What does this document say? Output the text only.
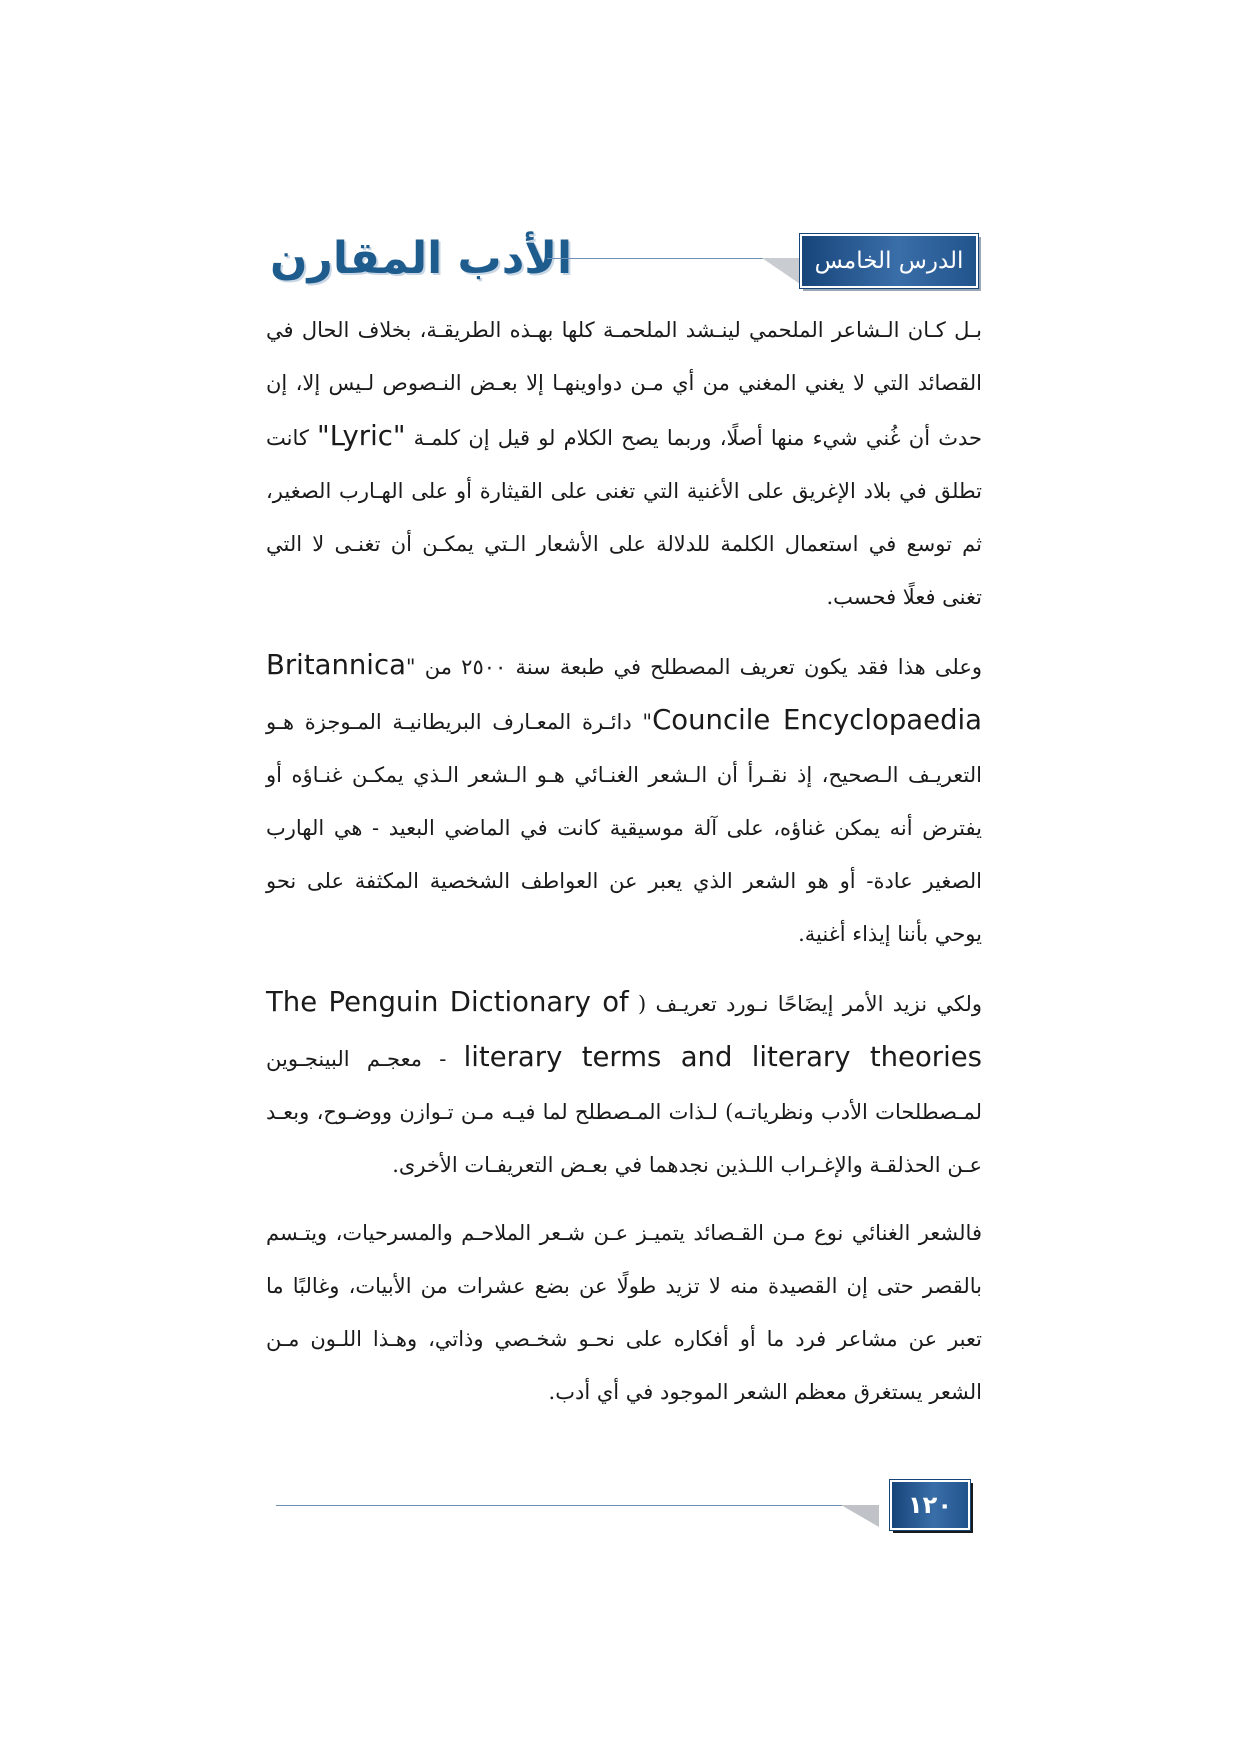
الأدب المقارن	الدرس الخامس

بـل كـان الـشاعر الملحمي لينـشد الملحمـة كلها بهـذه الطريقـة، بخلاف الحال في القصائد التي لا يغني المغني من أي مـن دواوينهـا إلا بعـض النـصوص لـيس إلا، إن حدث أن غُني شيء منها أصلًا، وربما يصح الكلام لو قيل إن كلمـة "Lyric" كانت تطلق في بلاد الإغريق على الأغنية التي تغنى على القيثارة أو على الهـارب الصغير، ثم توسع في استعمال الكلمة للدلالة على الأشعار الـتي يمكـن أن تغنـى لا التي تغنى فعلًا فحسب.

وعلى هذا فقد يكون تعريف المصطلح في طبعة سنة ٢٥٠٠ من "Britannica Councile Encyclopaedia" دائـرة المعـارف البريطانيـة المـوجزة هـو التعريـف الـصحيح، إذ نقـرأ أن الـشعر الغنـائي هـو الـشعر الـذي يمكـن غنـاؤه أو يفترض أنه يمكن غناؤه، على آلة موسيقية كانت في الماضي البعيد - هي الهارب الصغير عادة- أو هو الشعر الذي يعبر عن العواطف الشخصية المكثفة على نحو يوحي بأننا إيذاء أغنية.

ولكي نزيد الأمر إيضَاحًا نـورد تعريـف ( The Penguin Dictionary of literary terms and literary theories - معجـم البينجـوين لمـصطلحات الأدب ونظرياتـه) لـذات المـصطلح لما فيـه مـن تـوازن ووضـوح، وبعـد عـن الحذلقـة والإغـراب اللـذين نجدهما في بعـض التعريفـات الأخرى.

فالشعر الغنائي نوع مـن القـصائد يتميـز عـن شـعر الملاحـم والمسرحيات، ويتـسم بالقصر حتى إن القصيدة منه لا تزيد طولًا عن بضع عشرات من الأبيات، وغالبًا ما تعبر عن مشاعر فرد ما أو أفكاره على نحـو شخـصي وذاتي، وهـذا اللـون مـن الشعر يستغرق معظم الشعر الموجود في أي أدب.

١٢٠
